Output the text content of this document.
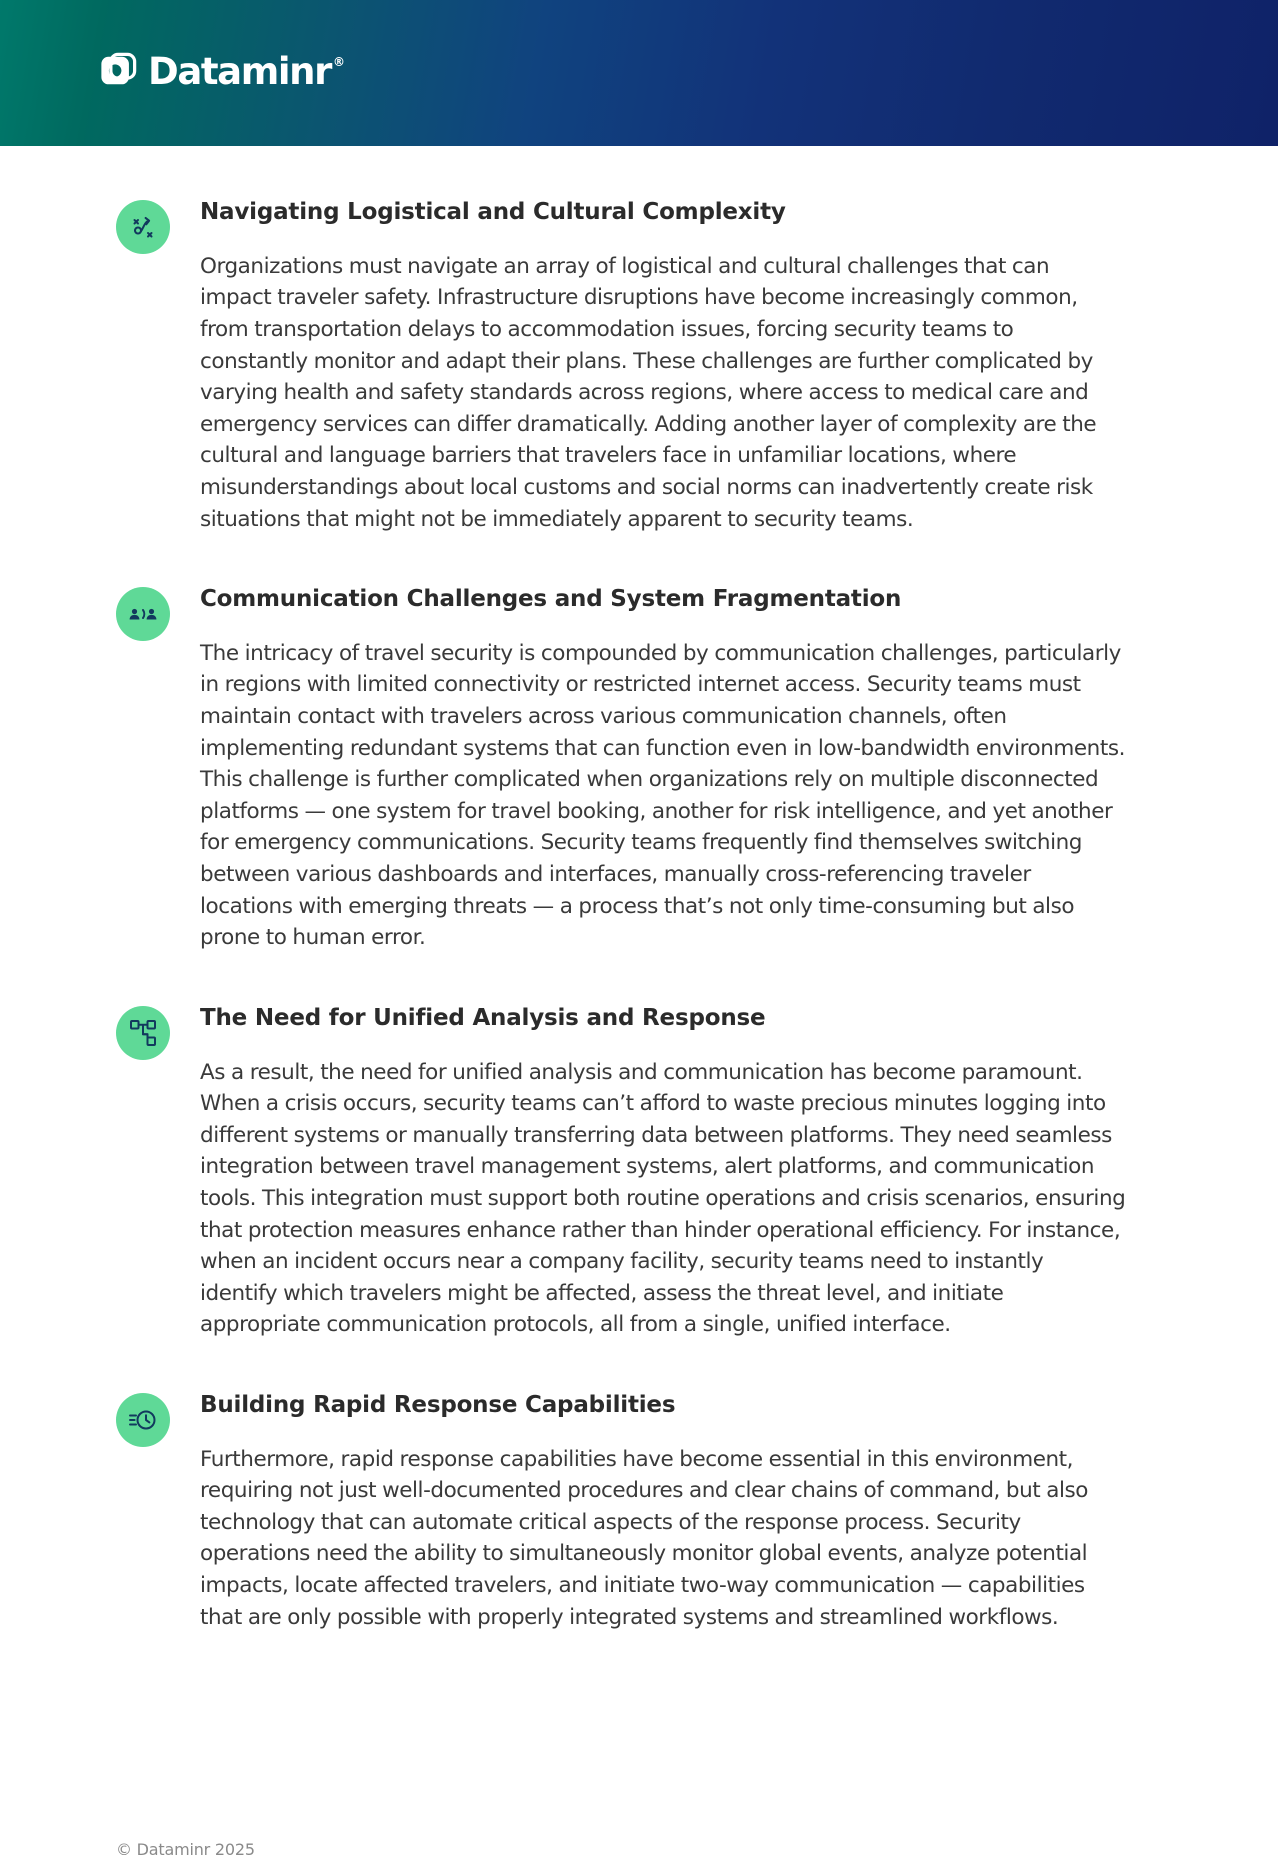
Dataminr ®
Navigating Logistical and Cultural Complexity

Organizations must navigate an array of logistical and cultural challenges that can impact traveler safety. Infrastructure disruptions have become increasingly common, from transportation delays to accommodation issues, forcing security teams to constantly monitor and adapt their plans. These challenges are further complicated by varying health and safety standards across regions, where access to medical care and emergency services can differ dramatically. Adding another layer of complexity are the cultural and language barriers that travelers face in unfamiliar locations, where misunderstandings about local customs and social norms can inadvertently create risk situations that might not be immediately apparent to security teams.

Communication Challenges and System Fragmentation

The intricacy of travel security is compounded by communication challenges, particularly in regions with limited connectivity or restricted internet access. Security teams must maintain contact with travelers across various communication channels, often implementing redundant systems that can function even in low-bandwidth environments. This challenge is further complicated when organizations rely on multiple disconnected platforms — one system for travel booking, another for risk intelligence, and yet another for emergency communications. Security teams frequently find themselves switching between various dashboards and interfaces, manually cross-referencing traveler locations with emerging threats — a process that’s not only time-consuming but also prone to human error.

The Need for Unified Analysis and Response

As a result, the need for unified analysis and communication has become paramount. When a crisis occurs, security teams can’t afford to waste precious minutes logging into different systems or manually transferring data between platforms. They need seamless integration between travel management systems, alert platforms, and communication tools. This integration must support both routine operations and crisis scenarios, ensuring that protection measures enhance rather than hinder operational efficiency. For instance, when an incident occurs near a company facility, security teams need to instantly identify which travelers might be affected, assess the threat level, and initiate appropriate communication protocols, all from a single, unified interface.

Building Rapid Response Capabilities

Furthermore, rapid response capabilities have become essential in this environment, requiring not just well-documented procedures and clear chains of command, but also technology that can automate critical aspects of the response process. Security operations need the ability to simultaneously monitor global events, analyze potential impacts, locate affected travelers, and initiate two-way communication — capabilities that are only possible with properly integrated systems and streamlined workflows.

© Dataminr 2025
